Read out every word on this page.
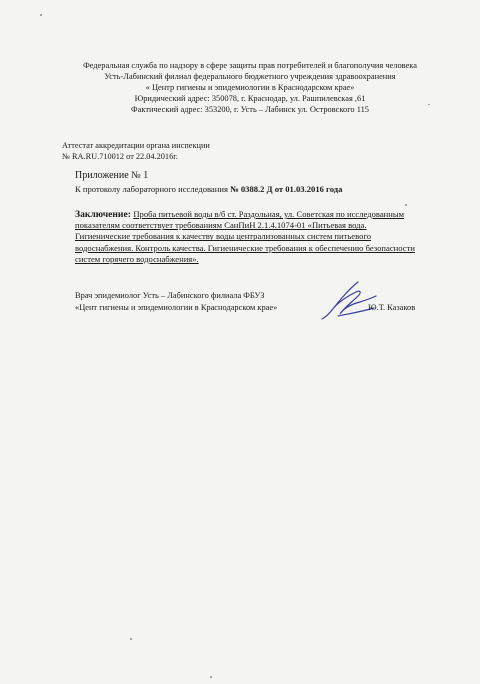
Федеральная служба по надзору в сфере защиты прав потребителей и благополучия человека
Усть-Лабинский филиал федерального бюджетного учреждения здравоохранения
« Центр гигиены и эпидемиологии в Краснодарском крае»
Юридический адрес: 350078, г. Краснодар, ул. Рашпилевская ,61
Фактический адрес: 353200, г. Усть – Лабинск ул. Островского 115
Аттестат аккредитации органа инспекции
№ RA.RU.710012 от 22.04.2016г.
Приложение № 1
К протоколу лабораторного исследования № 0388.2 Д от 01.03.2016 года
Заключение: Проба питьевой воды в/б ст. Раздольная, ул. Советская по исследованным показателям соответствует требованиям СанПиН 2.1.4.1074-01 «Питьевая вода. Гигиенические требования к качеству воды централизованных систем питьевого водоснабжения. Контроль качества. Гигиенические требования к обеспечению безопасности систем горячего водоснабжения».
Врач эпидемиолог Усть – Лабинского филиала ФБУЗ
«Цент гигиены и эпидемиологии в Краснодарском крае»	Ю.Т. Казаков
